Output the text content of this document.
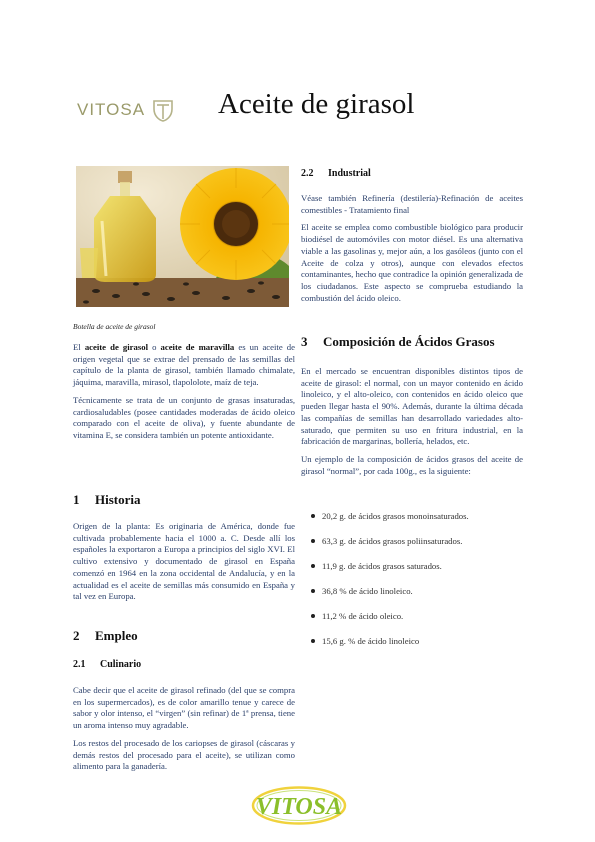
VITOSA	Aceite de girasol
Botella de aceite de girasol

El aceite de girasol o aceite de maravilla es un aceite de origen vegetal que se extrae del prensado de las semillas del capítulo de la planta de girasol, también llamado chimalate, jáquima, maravilla, mirasol, tlapololote, maíz de teja.

Técnicamente se trata de un conjunto de grasas insaturadas, cardiosaludables (posee cantidades moderadas de ácido oleico comparado con el aceite de oliva), y fuente abundante de vitamina E, se considera también un potente antioxidante.

1 Historia

Origen de la planta: Es originaria de América, donde fue cultivada probablemente hacia el 1000 a. C. Desde allí los españoles la exportaron a Europa a principios del siglo XVI. El cultivo extensivo y documentado de girasol en España comenzó en 1964 en la zona occidental de Andalucía, y en la actualidad es el aceite de semillas más consumido en España y tal vez en Europa.

2 Empleo
2.1 Culinario

Cabe decir que el aceite de girasol refinado (del que se compra en los supermercados), es de color amarillo tenue y carece de sabor y olor intenso, el “virgen” (sin refinar) de 1ª prensa, tiene un aroma intenso muy agradable.

Los restos del procesado de los cariopses de girasol (cáscaras y demás restos del procesado para el aceite), se utilizan como alimento para la ganadería.

2.2 Industrial

Véase también Refinería (destilería)-Refinación de aceites comestibles - Tratamiento final

El aceite se emplea como combustible biológico para producir biodiésel de automóviles con motor diésel. Es una alternativa viable a las gasolinas y, mejor aún, a los gasóleos (junto con el Aceite de colza y otros), aunque con elevados efectos contaminantes, hecho que contradice la opinión generalizada de los ciudadanos. Este aspecto se comprueba estudiando la combustión del ácido oleico.

3 Composición de Ácidos Grasos

En el mercado se encuentran disponibles distintos tipos de aceite de girasol: el normal, con un mayor contenido en ácido linoleico, y el alto-oleico, con contenidos en ácido oleico que pueden llegar hasta el 90%. Además, durante la última década las compañías de semillas han desarrollado variedades alto-saturado, que permiten su uso en fritura industrial, en la fabricación de margarinas, bollería, helados, etc.

Un ejemplo de la composición de ácidos grasos del aceite de girasol “normal”, por cada 100g., es la siguiente:

20,2 g. de ácidos grasos monoinsaturados.
63,3 g. de ácidos grasos poliinsaturados.
11,9 g. de ácidos grasos saturados.
36,8 % de ácido linoleico.
11,2 % de ácido oleico.
15,6 g. % de ácido linoleico
VITOSA
